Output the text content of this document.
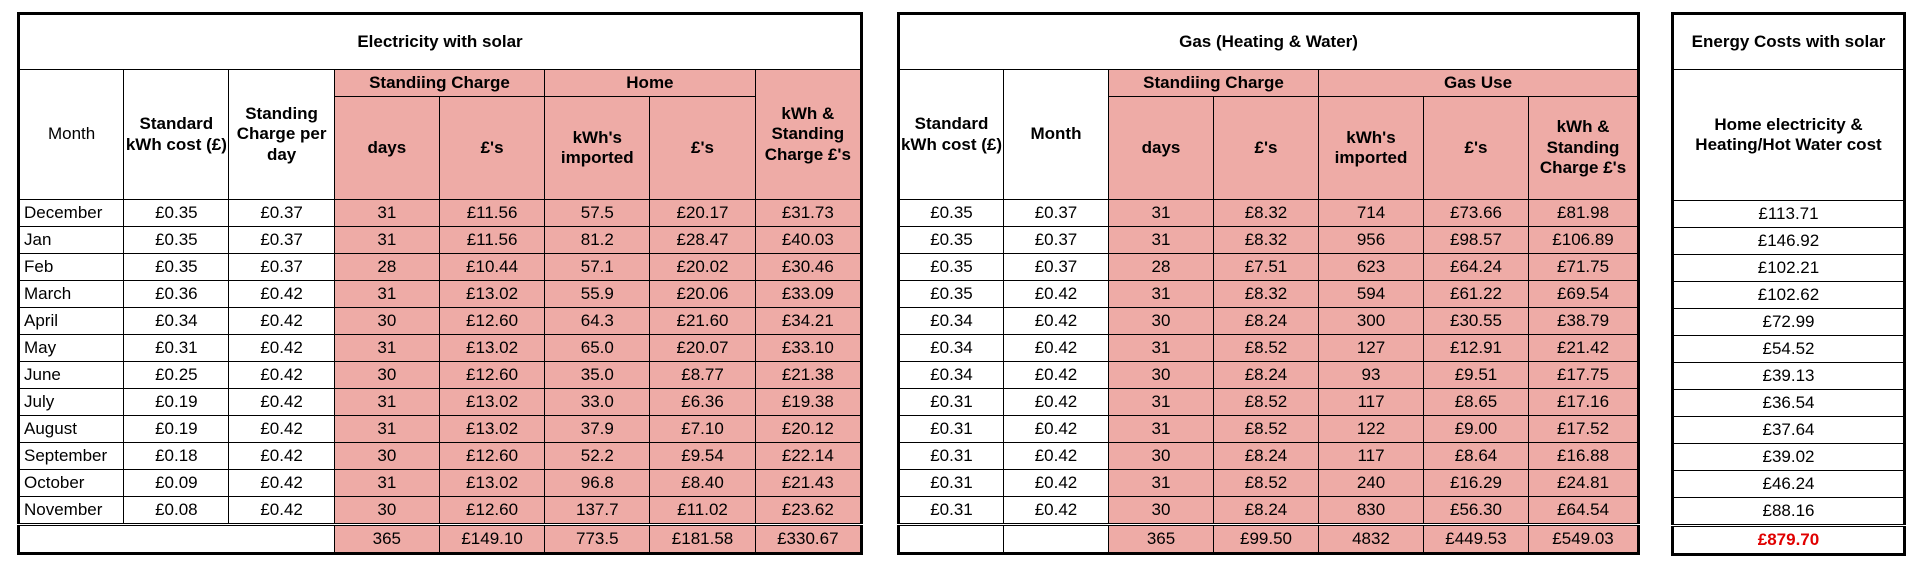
Electricity with solar							
Month	Standard kWh cost (£)	Standing Charge per day	Standiing Charge		Home		kWh & Standing Charge £'s
			days	£'s	kWh's imported	£'s	
December	£0.35	£0.37	31	£11.56	57.5	£20.17	£31.73
Jan	£0.35	£0.37	31	£11.56	81.2	£28.47	£40.03
Feb	£0.35	£0.37	28	£10.44	57.1	£20.02	£30.46
March	£0.36	£0.42	31	£13.02	55.9	£20.06	£33.09
April	£0.34	£0.42	30	£12.60	64.3	£21.60	£34.21
May	£0.31	£0.42	31	£13.02	65.0	£20.07	£33.10
June	£0.25	£0.42	30	£12.60	35.0	£8.77	£21.38
July	£0.19	£0.42	31	£13.02	33.0	£6.36	£19.38
August	£0.19	£0.42	31	£13.02	37.9	£7.10	£20.12
September	£0.18	£0.42	30	£12.60	52.2	£9.54	£22.14
October	£0.09	£0.42	31	£13.02	96.8	£8.40	£21.43
November	£0.08	£0.42	30	£12.60	137.7	£11.02	£23.62
			365	£149.10	773.5	£181.58	£330.67
Gas (Heating & Water)						
Standard kWh cost (£)	Month	Standiing Charge		Gas Use		
		days	£'s	kWh's imported	£'s	kWh & Standing Charge £'s
£0.35	£0.37	31	£8.32	714	£73.66	£81.98
£0.35	£0.37	31	£8.32	956	£98.57	£106.89
£0.35	£0.37	28	£7.51	623	£64.24	£71.75
£0.35	£0.42	31	£8.32	594	£61.22	£69.54
£0.34	£0.42	30	£8.24	300	£30.55	£38.79
£0.34	£0.42	31	£8.52	127	£12.91	£21.42
£0.34	£0.42	30	£8.24	93	£9.51	£17.75
£0.31	£0.42	31	£8.52	117	£8.65	£17.16
£0.31	£0.42	31	£8.52	122	£9.00	£17.52
£0.31	£0.42	30	£8.24	117	£8.64	£16.88
£0.31	£0.42	31	£8.52	240	£16.29	£24.81
£0.31	£0.42	30	£8.24	830	£56.30	£64.54
		365	£99.50	4832	£449.53	£549.03
Energy Costs with solar
Home electricity & Heating/Hot Water cost
£113.71
£146.92
£102.21
£102.62
£72.99
£54.52
£39.13
£36.54
£37.64
£39.02
£46.24
£88.16
£879.70
